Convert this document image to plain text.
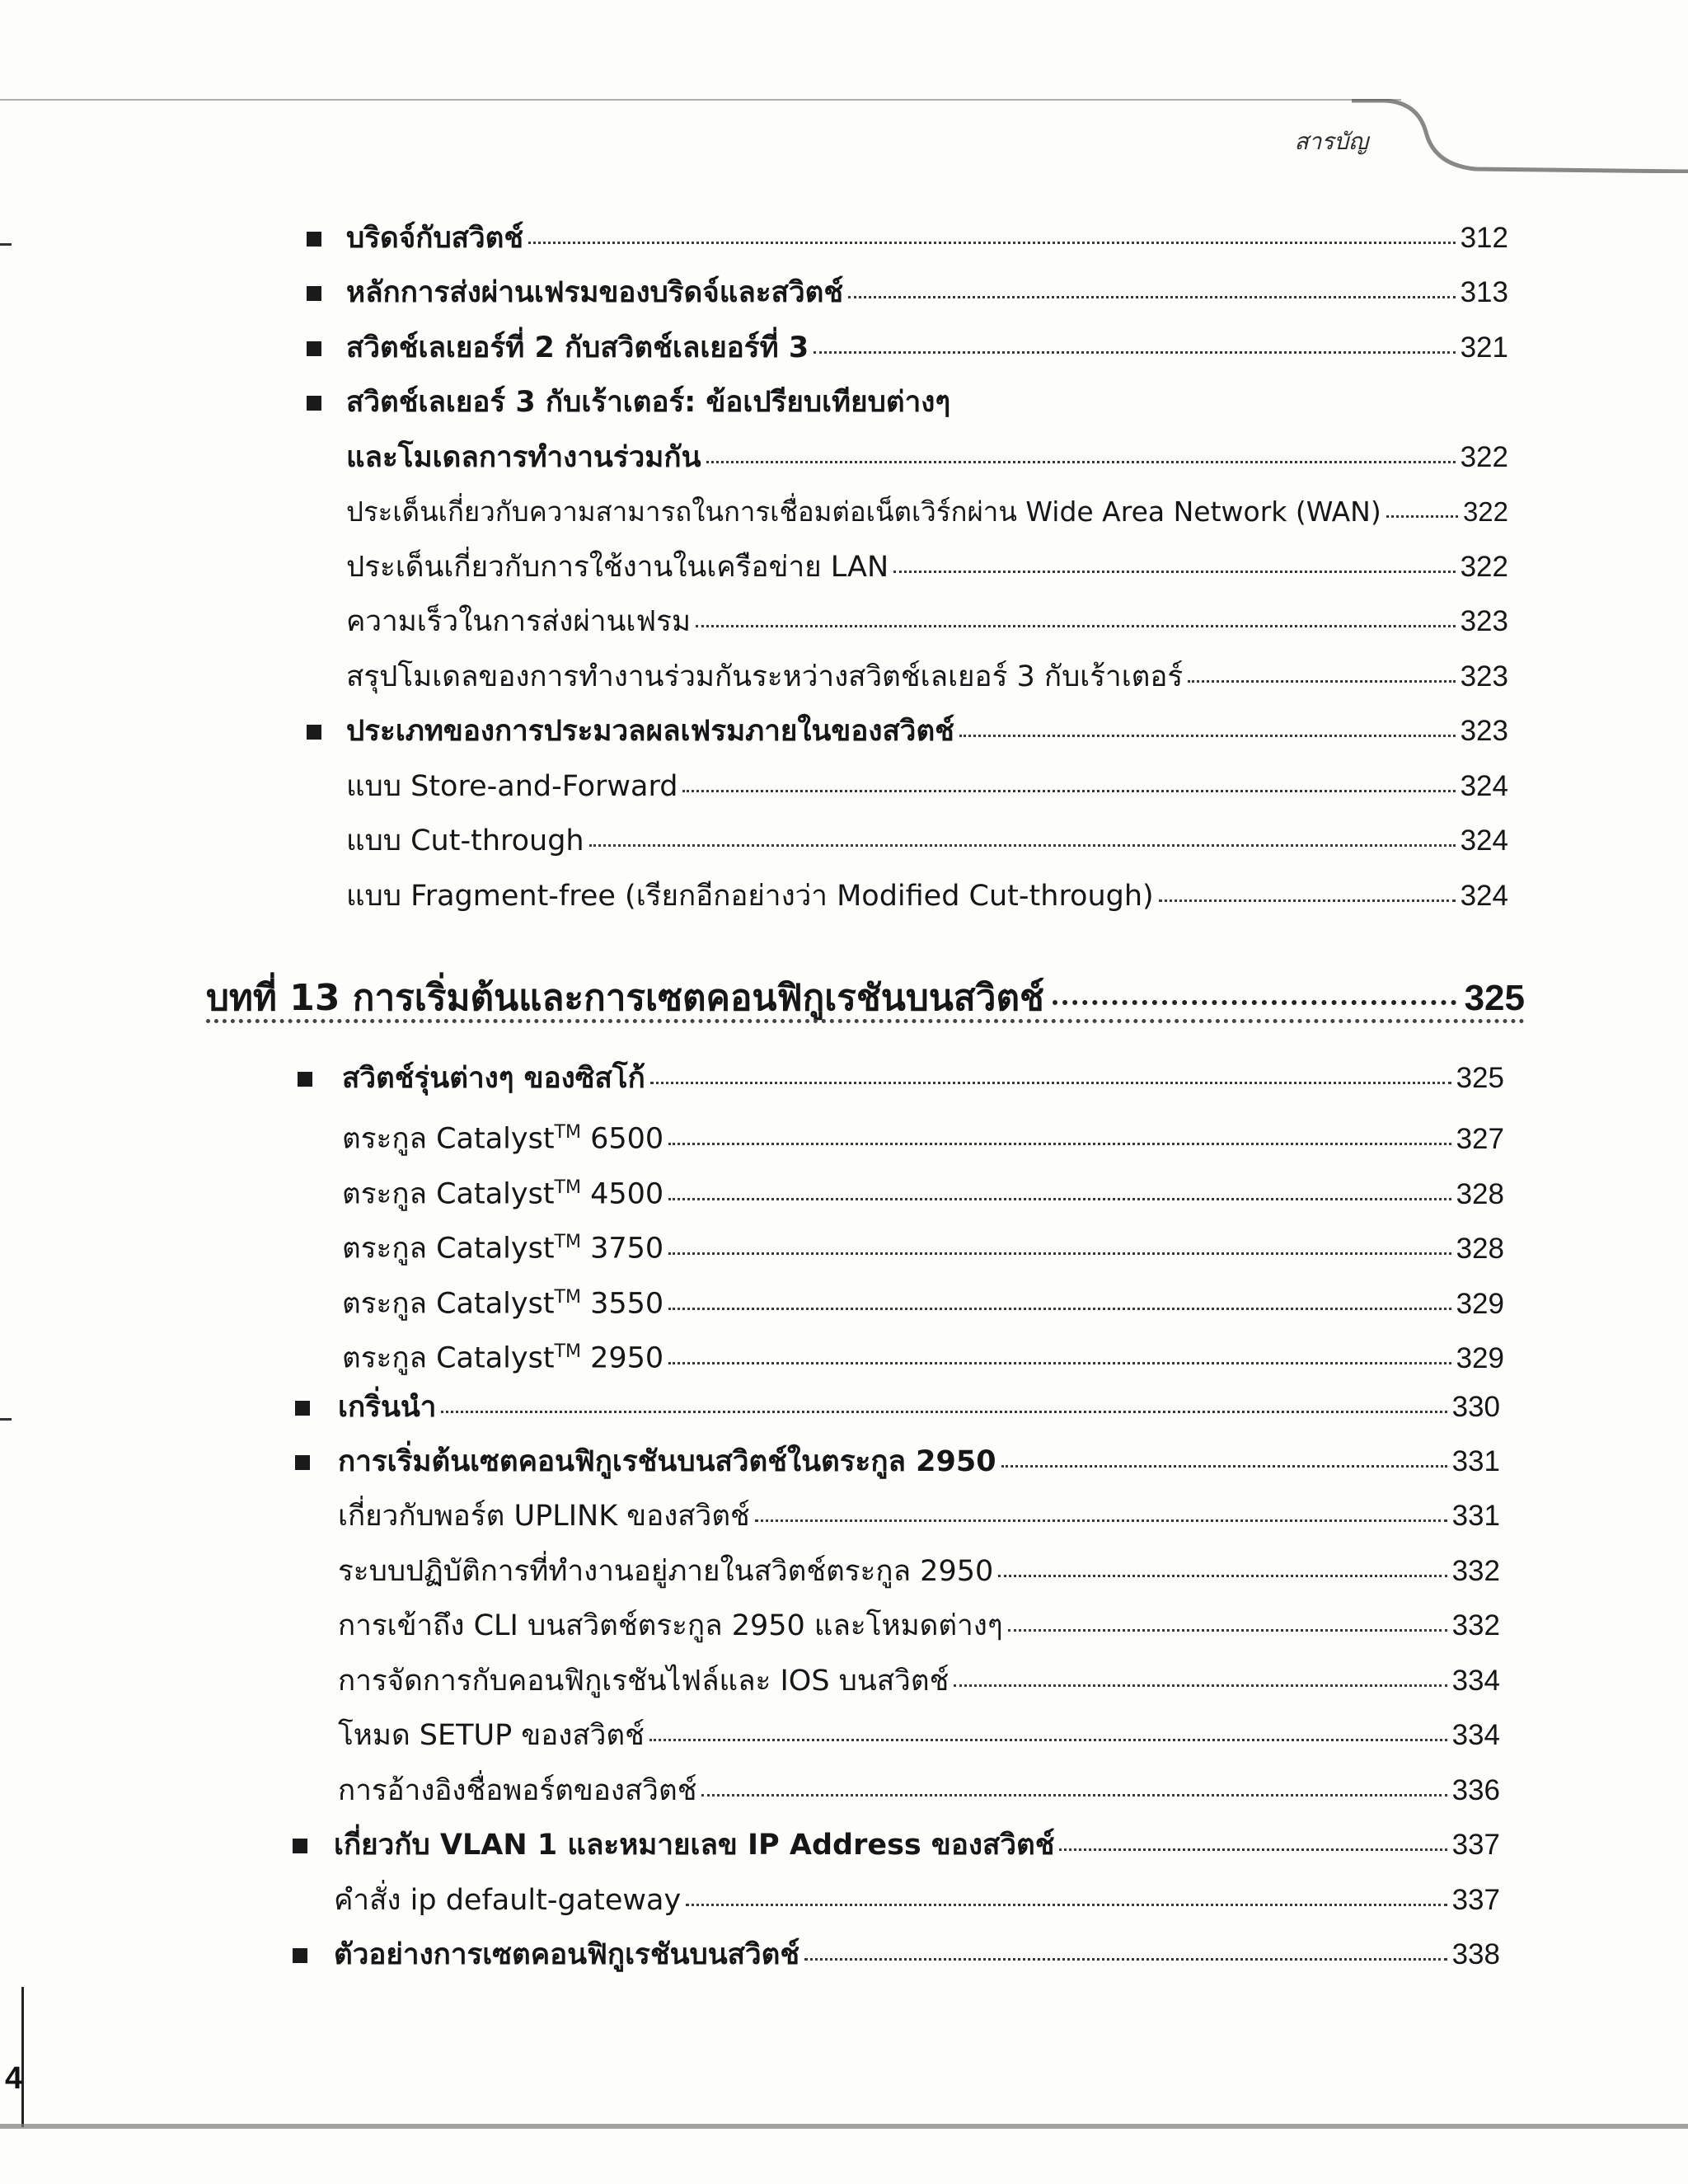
สารบัญ
บริดจ์กับสวิตช์	312
หลักการส่งผ่านเฟรมของบริดจ์และสวิตช์	313
สวิตช์เลเยอร์ที่ 2 กับสวิตช์เลเยอร์ที่ 3	321
สวิตช์เลเยอร์ 3 กับเร้าเตอร์: ข้อเปรียบเทียบต่างๆ
และโมเดลการทำงานร่วมกัน	322
ประเด็นเกี่ยวกับความสามารถในการเชื่อมต่อเน็ตเวิร์กผ่าน Wide Area Network (WAN)	322
ประเด็นเกี่ยวกับการใช้งานในเครือข่าย LAN	322
ความเร็วในการส่งผ่านเฟรม	323
สรุปโมเดลของการทำงานร่วมกันระหว่างสวิตช์เลเยอร์ 3 กับเร้าเตอร์	323
ประเภทของการประมวลผลเฟรมภายในของสวิตช์	323
แบบ Store-and-Forward	324
แบบ Cut-through	324
แบบ Fragment-free (เรียกอีกอย่างว่า Modified Cut-through)	324
บทที่ 13 การเริ่มต้นและการเซตคอนฟิกูเรชันบนสวิตช์	325
สวิตช์รุ่นต่างๆ ของซิสโก้	325
ตระกูล Catalyst™ 6500	327
ตระกูล Catalyst™ 4500	328
ตระกูล Catalyst™ 3750	328
ตระกูล Catalyst™ 3550	329
ตระกูล Catalyst™ 2950	329
เกริ่นนำ	330
การเริ่มต้นเซตคอนฟิกูเรชันบนสวิตช์ในตระกูล 2950	331
เกี่ยวกับพอร์ต UPLINK ของสวิตช์	331
ระบบปฏิบัติการที่ทำงานอยู่ภายในสวิตช์ตระกูล 2950	332
การเข้าถึง CLI บนสวิตช์ตระกูล 2950 และโหมดต่างๆ	332
การจัดการกับคอนฟิกูเรชันไฟล์และ IOS บนสวิตช์	334
โหมด SETUP ของสวิตช์	334
การอ้างอิงชื่อพอร์ตของสวิตช์	336
เกี่ยวกับ VLAN 1 และหมายเลข IP Address ของสวิตช์	337
คำสั่ง ip default-gateway	337
ตัวอย่างการเซตคอนฟิกูเรชันบนสวิตช์	338
4
